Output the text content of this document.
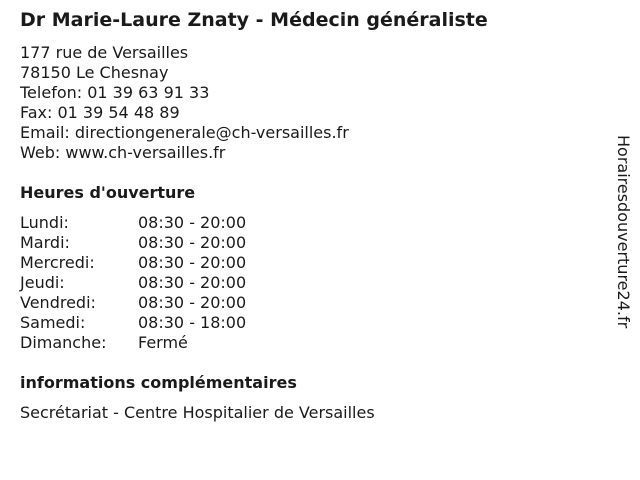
Dr Marie-Laure Znaty - Médecin généraliste
177 rue de Versailles
78150 Le Chesnay
Telefon: 01 39 63 91 33
Fax: 01 39 54 48 89
Email: directiongenerale@ch-versailles.fr
Web: www.ch-versailles.fr
Heures d'ouverture
Lundi:	08:30 - 20:00
Mardi:	08:30 - 20:00
Mercredi:	08:30 - 20:00
Jeudi:	08:30 - 20:00
Vendredi:	08:30 - 20:00
Samedi:	08:30 - 18:00
Dimanche: Fermé
informations complémentaires
Secrétariat - Centre Hospitalier de Versailles
Horairesdouverture24.fr
